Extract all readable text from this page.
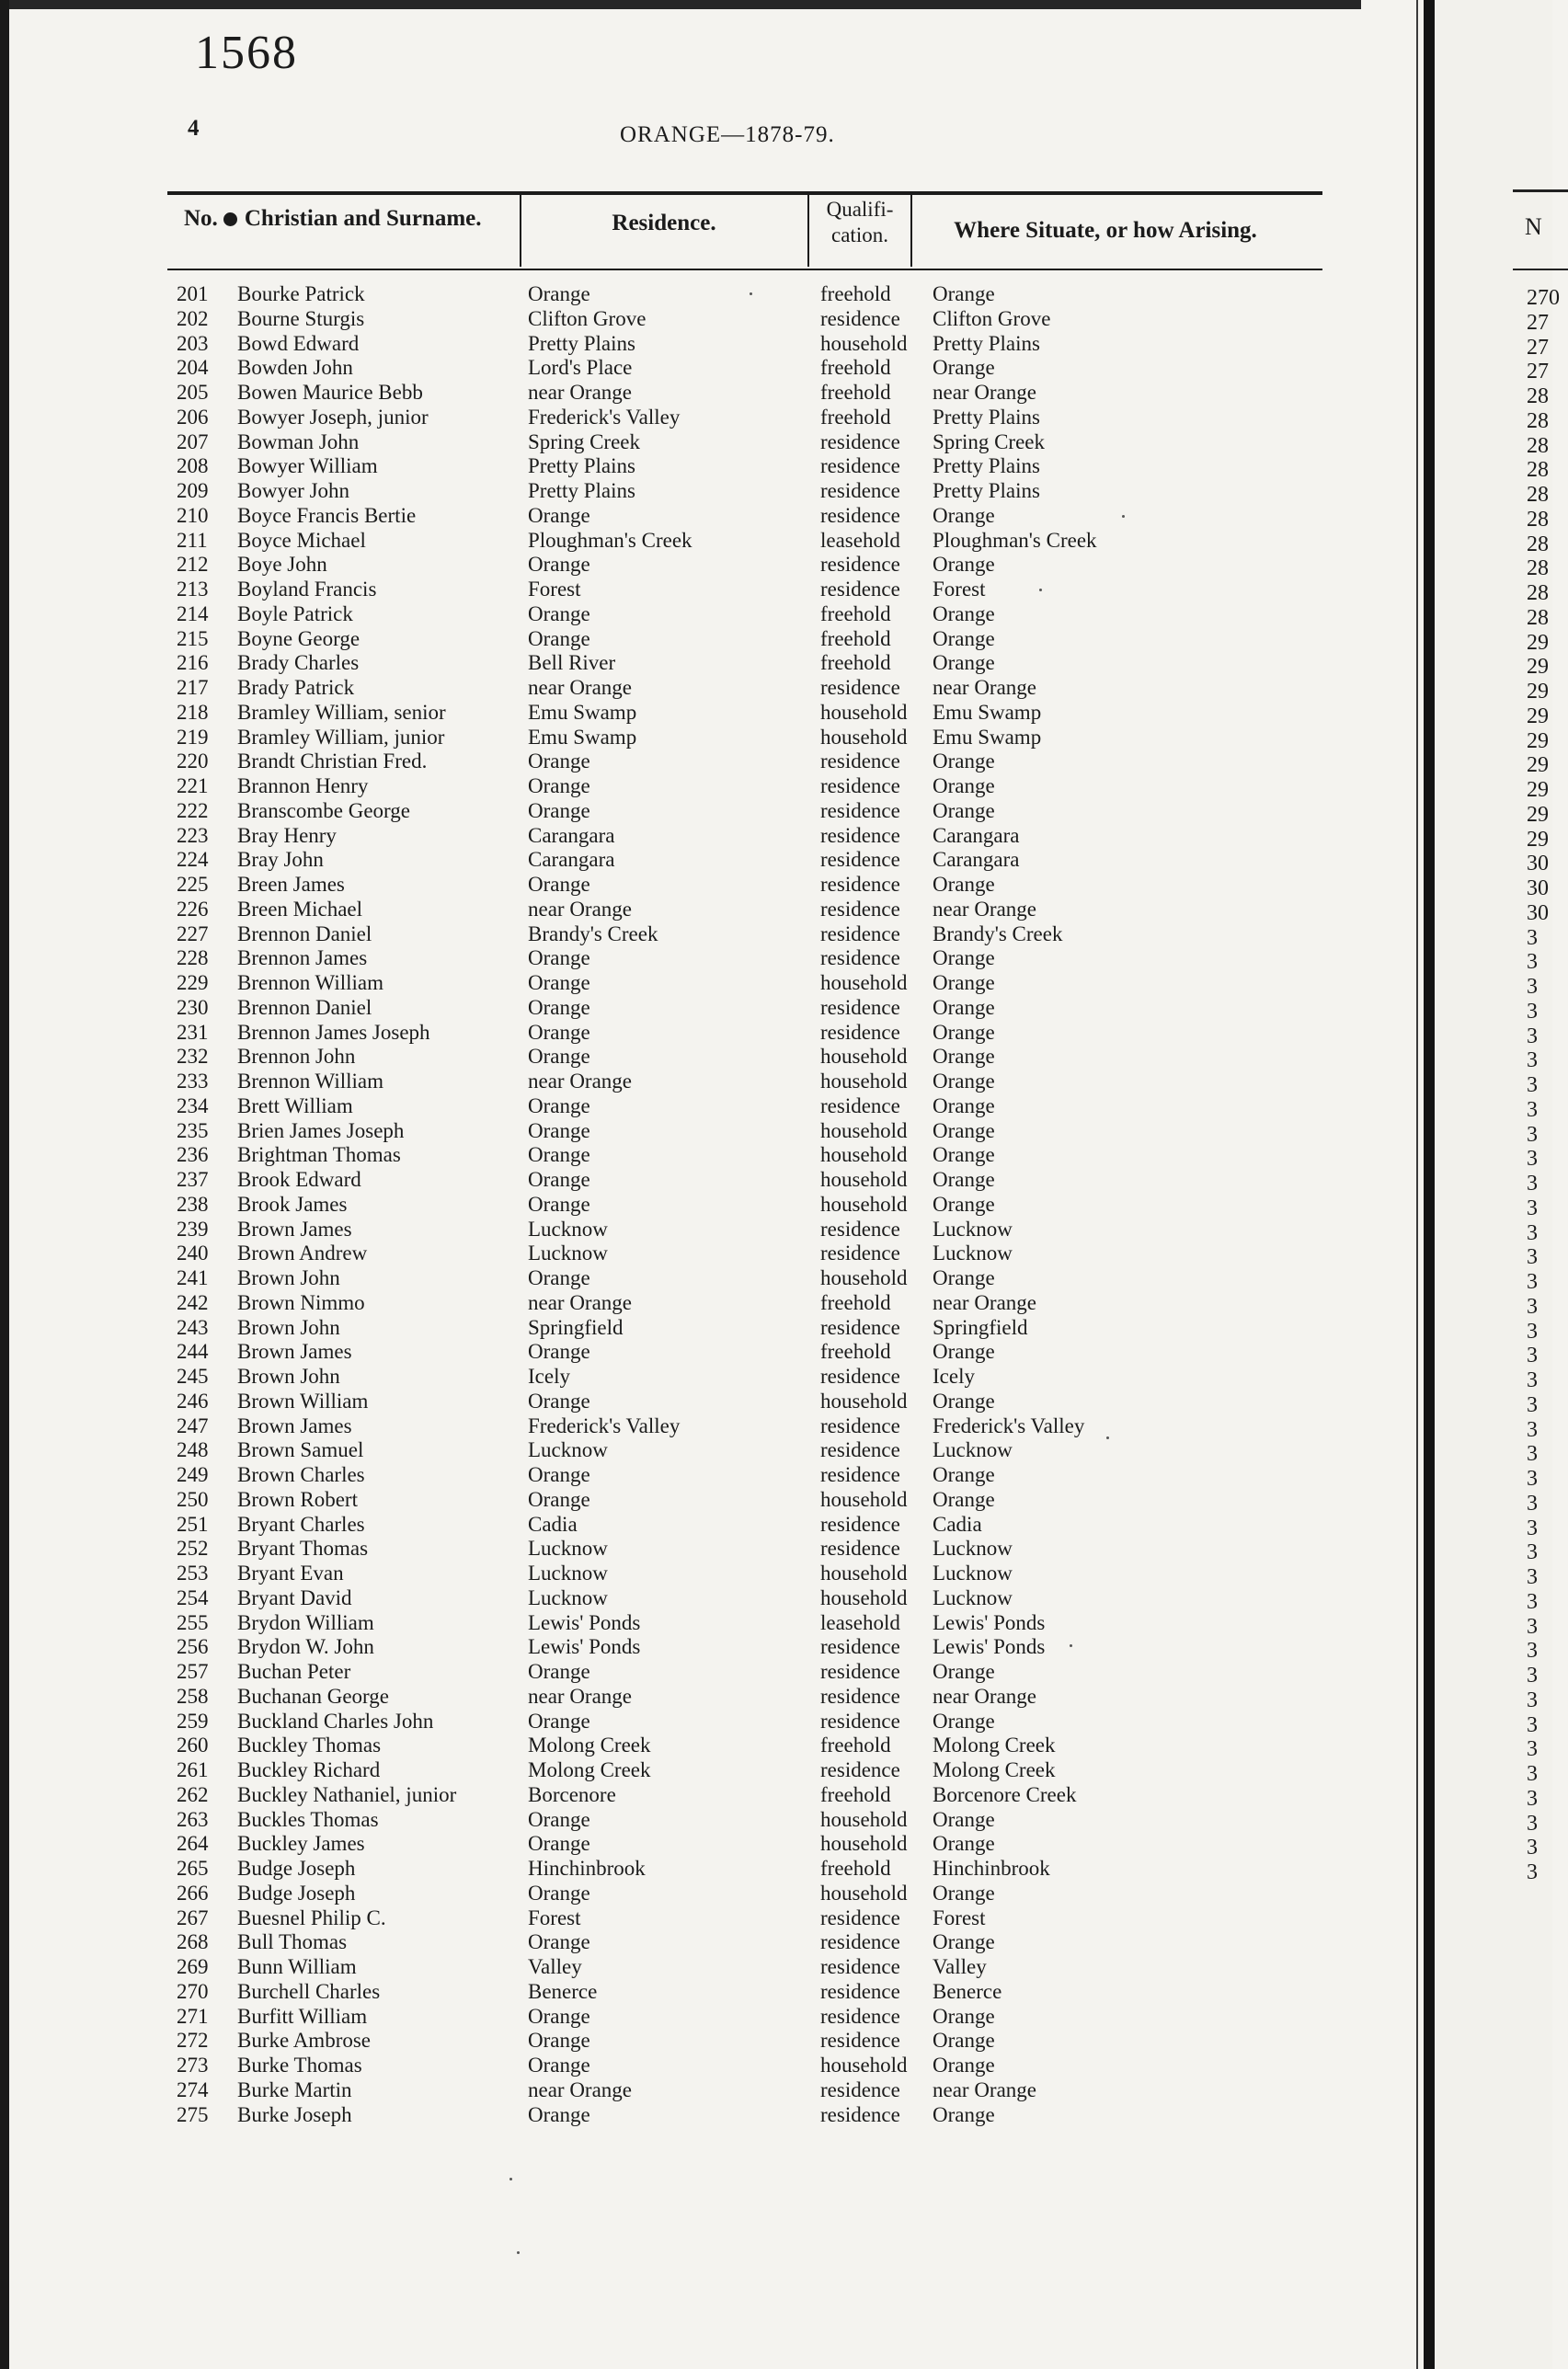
N
270
27
27
27
28
28
28
28
28
28
28
28
28
28
29
29
29
29
29
29
29
29
29
30
30
30
3
3
3
3
3
3
3
3
3
3
3
3
3
3
3
3
3
3
3
3
3
3
3
3
3
3
3
3
3
3
3
3
3
3
3
3
3
3
3
1568
4	ORANGE—1878-79.
No. Christian and Surname.	Residence.
Qualifi-
cation.	Where Situate, or how Arising.
201 Bourke Patrick	Orange	freehold Orange
202 Bourne Sturgis	Clifton Grove	residence Clifton Grove
203 Bowd Edward	Pretty Plains	household Pretty Plains
204 Bowden John	Lord's Place	freehold Orange
205 Bowen Maurice Bebb	near Orange	freehold near Orange
206 Bowyer Joseph, junior	Frederick's Valley	freehold Pretty Plains
207 Bowman John	Spring Creek	residence Spring Creek
208 Bowyer William	Pretty Plains	residence Pretty Plains
209 Bowyer John	Pretty Plains	residence Pretty Plains
210 Boyce Francis Bertie	Orange	residence Orange
211 Boyce Michael	Ploughman's Creek	leasehold Ploughman's Creek
212 Boye John	Orange	residence Orange
213 Boyland Francis	Forest	residence Forest
214 Boyle Patrick	Orange	freehold Orange
215 Boyne George	Orange	freehold Orange
216 Brady Charles	Bell River	freehold Orange
217 Brady Patrick	near Orange	residence near Orange
218 Bramley William, senior	Emu Swamp	household Emu Swamp
219 Bramley William, junior	Emu Swamp	household Emu Swamp
220 Brandt Christian Fred.	Orange	residence Orange
221 Brannon Henry	Orange	residence Orange
222 Branscombe George	Orange	residence Orange
223 Bray Henry	Carangara	residence Carangara
224 Bray John	Carangara	residence Carangara
225 Breen James	Orange	residence Orange
226 Breen Michael	near Orange	residence near Orange
227 Brennon Daniel	Brandy's Creek	residence Brandy's Creek
228 Brennon James	Orange	residence Orange
229 Brennon William	Orange	household Orange
230 Brennon Daniel	Orange	residence Orange
231 Brennon James Joseph	Orange	residence Orange
232 Brennon John	Orange	household Orange
233 Brennon William	near Orange	household Orange
234 Brett William	Orange	residence Orange
235 Brien James Joseph	Orange	household Orange
236 Brightman Thomas	Orange	household Orange
237 Brook Edward	Orange	household Orange
238 Brook James	Orange	household Orange
239 Brown James	Lucknow	residence Lucknow
240 Brown Andrew	Lucknow	residence Lucknow
241 Brown John	Orange	household Orange
242 Brown Nimmo	near Orange	freehold near Orange
243 Brown John	Springfield	residence Springfield
244 Brown James	Orange	freehold Orange
245 Brown John	Icely	residence Icely
246 Brown William	Orange	household Orange
247 Brown James	Frederick's Valley	residence Frederick's Valley
248 Brown Samuel	Lucknow	residence Lucknow
249 Brown Charles	Orange	residence Orange
250 Brown Robert	Orange	household Orange
251 Bryant Charles	Cadia	residence Cadia
252 Bryant Thomas	Lucknow	residence Lucknow
253 Bryant Evan	Lucknow	household Lucknow
254 Bryant David	Lucknow	household Lucknow
255 Brydon William	Lewis' Ponds	leasehold Lewis' Ponds
256 Brydon W. John	Lewis' Ponds	residence Lewis' Ponds
257 Buchan Peter	Orange	residence Orange
258 Buchanan George	near Orange	residence near Orange
259 Buckland Charles John	Orange	residence Orange
260 Buckley Thomas	Molong Creek	freehold Molong Creek
261 Buckley Richard	Molong Creek	residence Molong Creek
262 Buckley Nathaniel, junior	Borcenore	freehold Borcenore Creek
263 Buckles Thomas	Orange	household Orange
264 Buckley James	Orange	household Orange
265 Budge Joseph	Hinchinbrook	freehold Hinchinbrook
266 Budge Joseph	Orange	household Orange
267 Buesnel Philip C.	Forest	residence Forest
268 Bull Thomas	Orange	residence Orange
269 Bunn William	Valley	residence Valley
270 Burchell Charles	Benerce	residence Benerce
271 Burfitt William	Orange	residence Orange
272 Burke Ambrose	Orange	residence Orange
273 Burke Thomas	Orange	household Orange
274 Burke Martin	near Orange	residence near Orange
275 Burke Joseph	Orange	residence Orange
